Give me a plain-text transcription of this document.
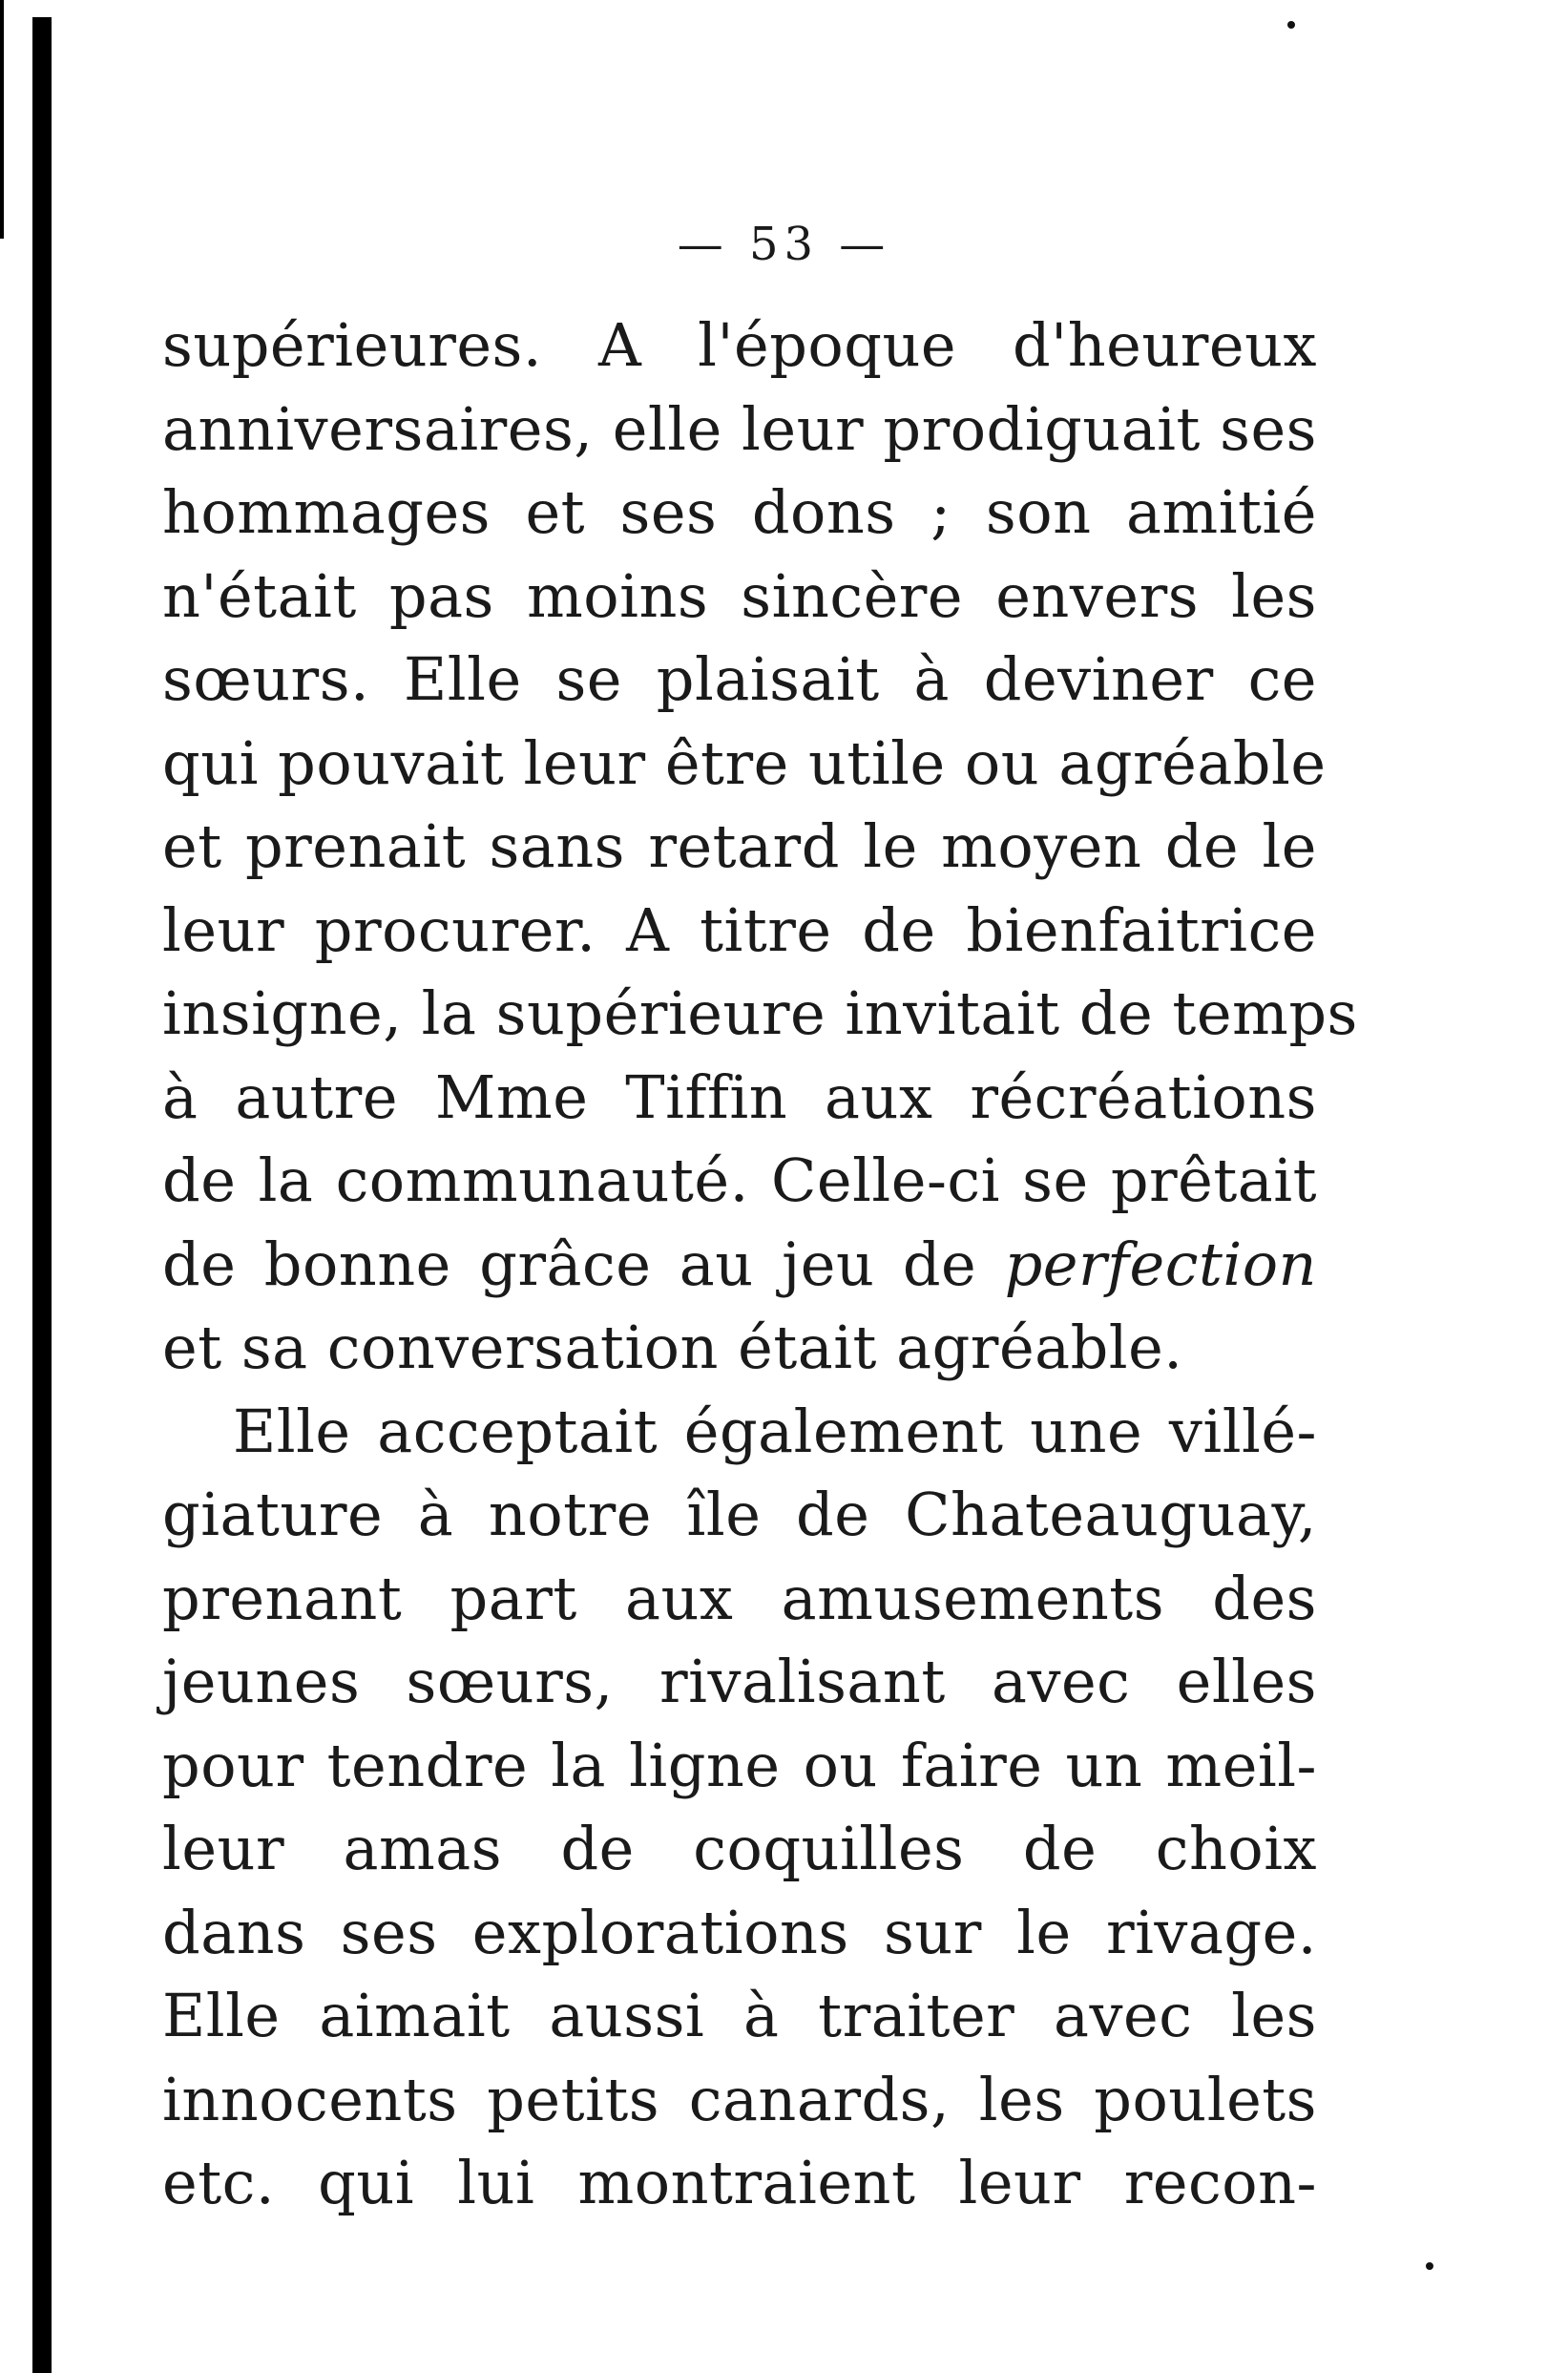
— 53 —
supérieures. A l'époque d'heureux
anniversaires, elle leur prodiguait ses
hommages et ses dons ; son amitié
n'était pas moins sincère envers les
sœurs. Elle se plaisait à deviner ce
qui pouvait leur être utile ou agréable
et prenait sans retard le moyen de le
leur procurer. A titre de bienfaitrice
insigne, la supérieure invitait de temps
à autre Mme Tiffin aux récréations
de la communauté. Celle-ci se prêtait
de bonne grâce au jeu de perfection
et sa conversation était agréable.
Elle acceptait également une villé-
giature à notre île de Chateauguay,
prenant part aux amusements des
jeunes sœurs, rivalisant avec elles
pour tendre la ligne ou faire un meil-
leur amas de coquilles de choix
dans ses explorations sur le rivage.
Elle aimait aussi à traiter avec les
innocents petits canards, les poulets
etc. qui lui montraient leur recon-
